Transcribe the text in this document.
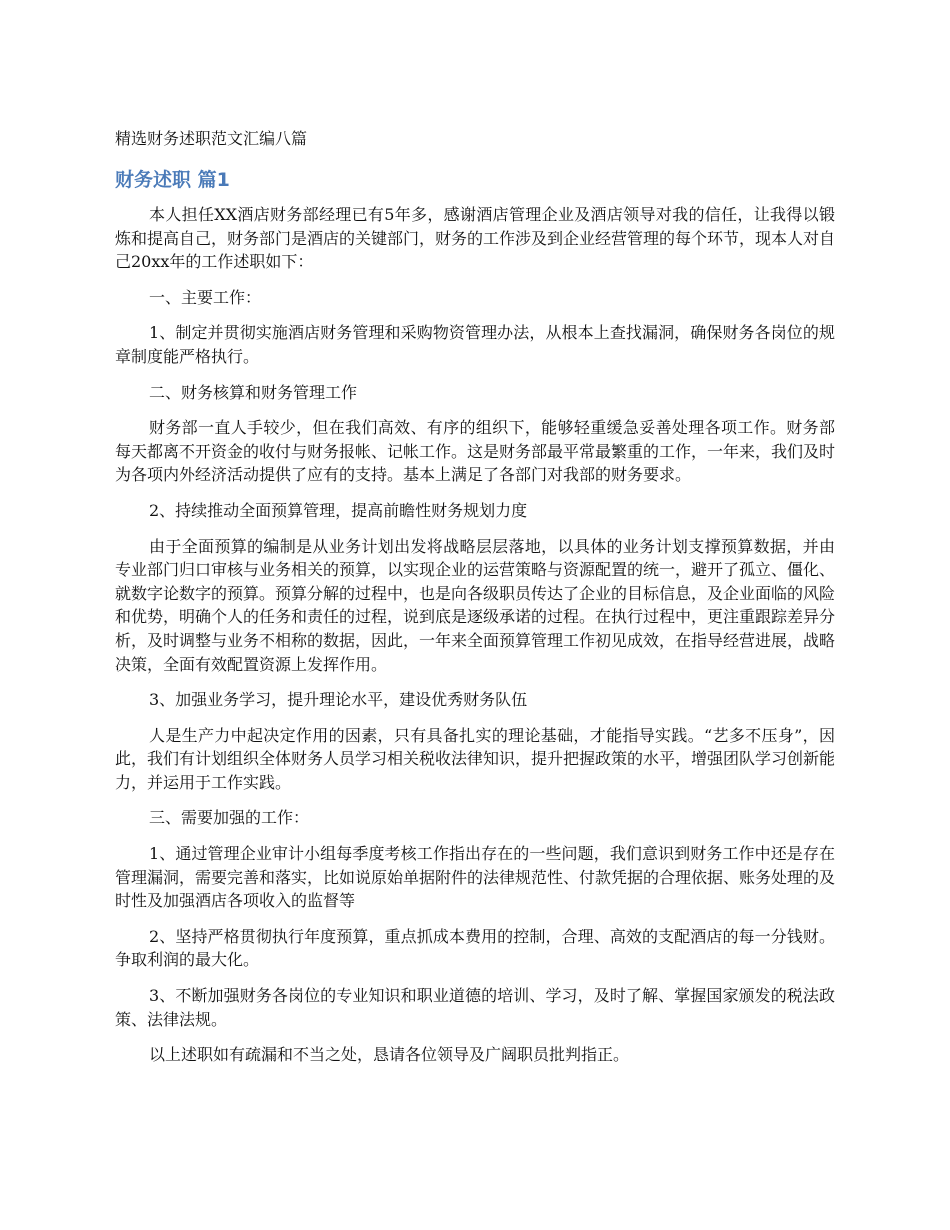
精选财务述职范文汇编八篇
财务述职 篇1

本人担任XX酒店财务部经理已有5年多，感谢酒店管理企业及酒店领导对我的信任，让我得以锻炼和提高自己，财务部门是酒店的关键部门，财务的工作涉及到企业经营管理的每个环节，现本人对自己20xx年的工作述职如下：

一、主要工作：

1、制定并贯彻实施酒店财务管理和采购物资管理办法，从根本上查找漏洞，确保财务各岗位的规章制度能严格执行。

二、财务核算和财务管理工作

财务部一直人手较少，但在我们高效、有序的组织下，能够轻重缓急妥善处理各项工作。财务部每天都离不开资金的收付与财务报帐、记帐工作。这是财务部最平常最繁重的工作，一年来，我们及时为各项内外经济活动提供了应有的支持。基本上满足了各部门对我部的财务要求。

2、持续推动全面预算管理，提高前瞻性财务规划力度

由于全面预算的编制是从业务计划出发将战略层层落地，以具体的业务计划支撑预算数据，并由专业部门归口审核与业务相关的预算，以实现企业的运营策略与资源配置的统一，避开了孤立、僵化、就数字论数字的预算。预算分解的过程中，也是向各级职员传达了企业的目标信息，及企业面临的风险和优势，明确个人的任务和责任的过程，说到底是逐级承诺的过程。在执行过程中，更注重跟踪差异分析，及时调整与业务不相称的数据，因此，一年来全面预算管理工作初见成效，在指导经营进展，战略决策，全面有效配置资源上发挥作用。

3、加强业务学习，提升理论水平，建设优秀财务队伍

人是生产力中起决定作用的因素，只有具备扎实的理论基础，才能指导实践。“艺多不压身”，因此，我们有计划组织全体财务人员学习相关税收法律知识，提升把握政策的水平，增强团队学习创新能力，并运用于工作实践。

三、需要加强的工作：

1、通过管理企业审计小组每季度考核工作指出存在的一些问题，我们意识到财务工作中还是存在管理漏洞，需要完善和落实，比如说原始单据附件的法律规范性、付款凭据的合理依据、账务处理的及时性及加强酒店各项收入的监督等

2、坚持严格贯彻执行年度预算，重点抓成本费用的控制，合理、高效的支配酒店的每一分钱财。争取利润的最大化。

3、不断加强财务各岗位的专业知识和职业道德的培训、学习，及时了解、掌握国家颁发的税法政策、法律法规。

以上述职如有疏漏和不当之处，恳请各位领导及广阔职员批判指正。
